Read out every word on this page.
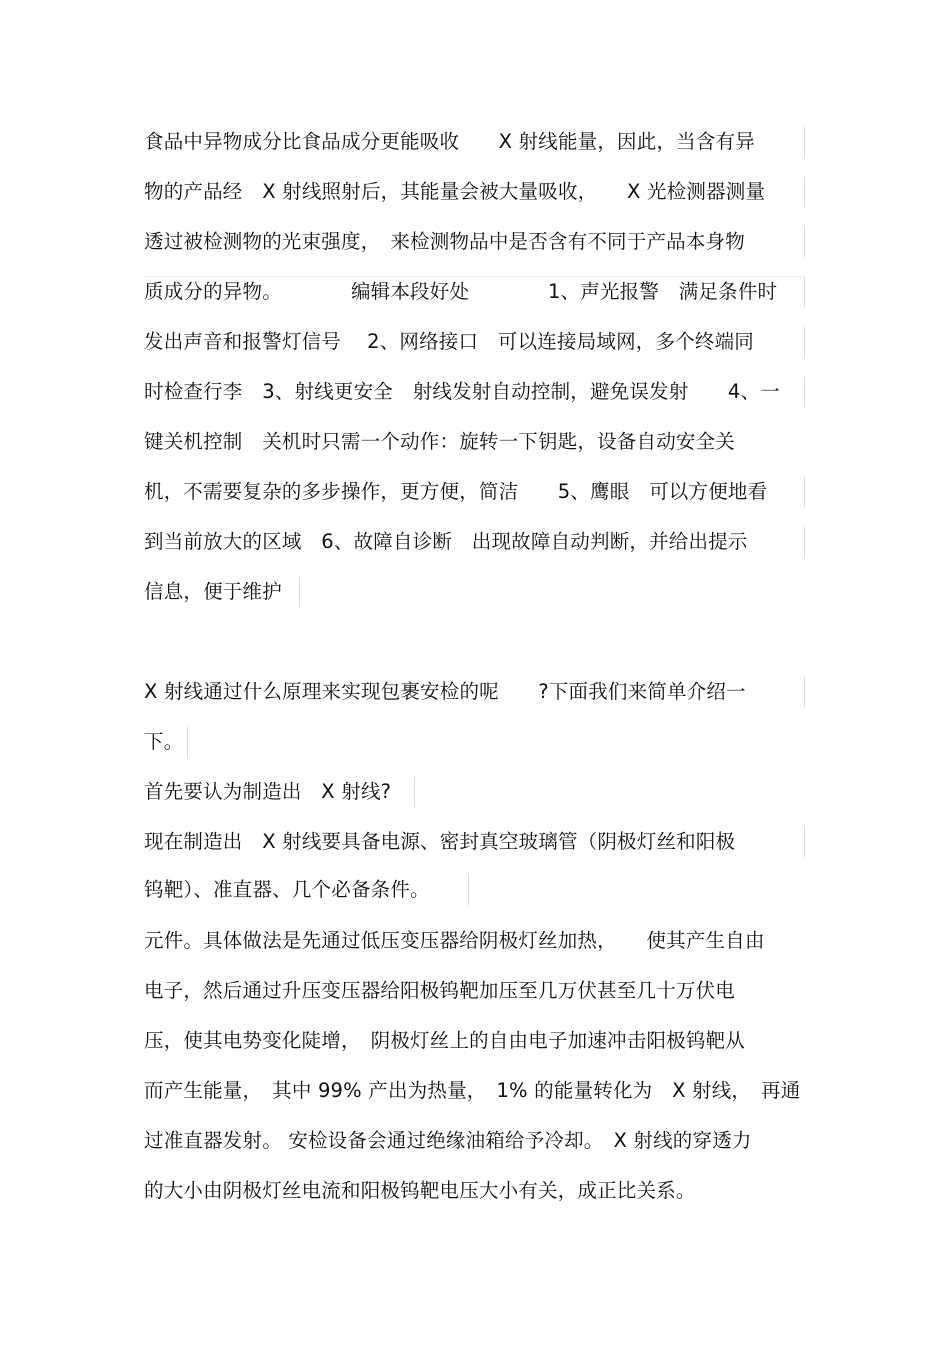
食品中异物成分比食品成分更能吸收　　X 射线能量，因此，当含有异
物的产品经　X 射线照射后，其能量会被大量吸收，　　X 光检测器测量
透过被检测物的光束强度，　来检测物品中是否含有不同于产品本身物
质成分的异物。　　　　编辑本段好处　　　　1、声光报警　满足条件时
发出声音和报警灯信号　 2、网络接口　可以连接局域网，多个终端同
时检查行李　3、射线更安全　射线发射自动控制，避免误发射　　4、一
键关机控制　关机时只需一个动作：旋转一下钥匙，设备自动安全关
机，不需要复杂的多步操作，更方便，简洁　　5、鹰眼　可以方便地看
到当前放大的区域　6、故障自诊断　出现故障自动判断，并给出提示
信息，便于维护
X 射线通过什么原理来实现包裹安检的呢　　?下面我们来简单介绍一
下。
首先要认为制造出　X 射线?
现在制造出　X 射线要具备电源、密封真空玻璃管（阴极灯丝和阳极
钨靶）、准直器、几个必备条件。
元件。具体做法是先通过低压变压器给阴极灯丝加热，　　使其产生自由
电子，然后通过升压变压器给阳极钨靶加压至几万伏甚至几十万伏电
压，使其电势变化陡增，　阴极灯丝上的自由电子加速冲击阳极钨靶从
而产生能量，　其中 99% 产出为热量，　1% 的能量转化为　X 射线，　再通
过准直器发射。 安检设备会通过绝缘油箱给予冷却。　X 射线的穿透力
的大小由阴极灯丝电流和阳极钨靶电压大小有关，成正比关系。
